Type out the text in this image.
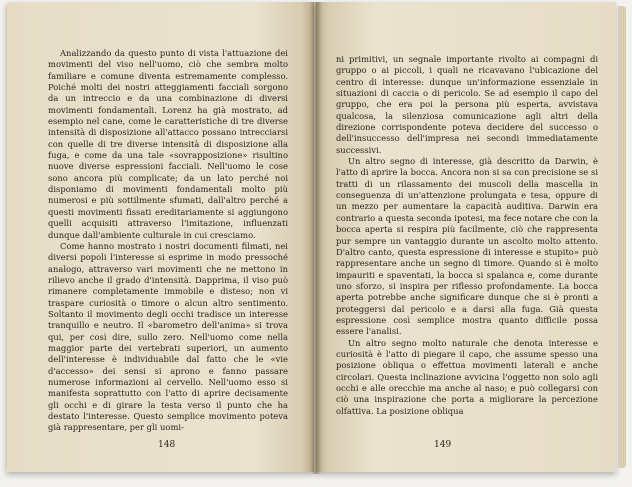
Analizzando da questo punto di vista l'attuazione dei movimenti del viso nell'uomo, ciò che sembra molto familiare e comune diventa estremamente complesso. Poiché molti dei nostri atteggiamenti facciali sorgono da un intreccio e da una combinazione di diversi movimenti fondamentali. Lorenz ha già mostrato, ad esempio nel cane, come le caratteristiche di tre diverse intensità di disposizione all'attacco possano intrecciarsi con quelle di tre diverse intensità di disposizione alla fuga, e come da una tale «sovrapposizione» risultino nuove diverse espressioni facciali. Nell'uomo le cose sono ancora più complicate; da un lato perché noi disponiamo di movimenti fondamentali molto più numerosi e più sottilmente sfumati, dall'altro perché a questi movimenti fissati ereditariamente si aggiungono quelli acquisiti attraverso l'imitazione, influenzati dunque dall'ambiente culturale in cui cresciamo.

Come hanno mostrato i nostri documenti filmati, nei diversi popoli l'interesse si esprime in modo pressoché analogo, attraverso vari movimenti che ne mettono in rilievo anche il grado d'intensità. Dapprima, il viso può rimanere completamente immobile e disteso; non vi traspare curiosità o timore o alcun altro sentimento. Soltanto il movimento degli occhi tradisce un interesse tranquillo e neutro. Il «barometro dell'anima» si trova qui, per così dire, sullo zero. Nell'uomo come nella maggior parte dei vertebrati superiori, un aumento dell'interesse è individuabile dal fatto che le «vie d'accesso» dei sensi si aprono e fanno passare numerose informazioni al cervello. Nell'uomo esso si manifesta soprattutto con l'atto di aprire decisamente gli occhi e di girare la testa verso il punto che ha destato l'interesse. Questo semplice movimento poteva già rappresentare, per gli uomi-

148

ni primitivi, un segnale importante rivolto ai compagni di gruppo o ai piccoli, i quali ne ricavavano l'ubicazione del centro di interesse: dunque un'informazione essenziale in situazioni di caccia o di pericolo. Se ad esempio il capo del gruppo, che era poi la persona più esperta, avvistava qualcosa, la silenziosa comunicazione agli altri della direzione corrispondente poteva decidere del successo o dell'insuccesso dell'impresa nei secondi immediatamente successivi.

Un altro segno di interesse, già descritto da Darwin, è l'atto di aprire la bocca. Ancora non si sa con precisione se si tratti di un rilassamento dei muscoli della mascella in conseguenza di un'attenzione prolungata e tesa, oppure di un mezzo per aumentare la capacità auditiva. Darwin era contrario a questa seconda ipotesi, ma fece notare che con la bocca aperta si respira più facilmente, ciò che rappresenta pur sempre un vantaggio durante un ascolto molto attento. D'altro canto, questa espressione di interesse e stupito» può rappresentare anche un segno di timore. Quando si è molto impauriti e spaventati, la bocca si spalanca e, come durante uno sforzo, si inspira per riflesso profondamente. La bocca aperta potrebbe anche significare dunque che si è pronti a proteggersi dal pericolo e a darsi alla fuga. Già questa espressione così semplice mostra quanto difficile possa essere l'analisi.

Un altro segno molto naturale che denota interesse e curiosità è l'atto di piegare il capo, che assume spesso una posizione obliqua o effettua movimenti laterali e anche circolari. Questa inclinazione avvicina l'oggetto non solo agli occhi e alle orecchie ma anche al naso; e può collegarsi con ciò una inspirazione che porta a migliorare la percezione olfattiva. La posizione obliqua

149
